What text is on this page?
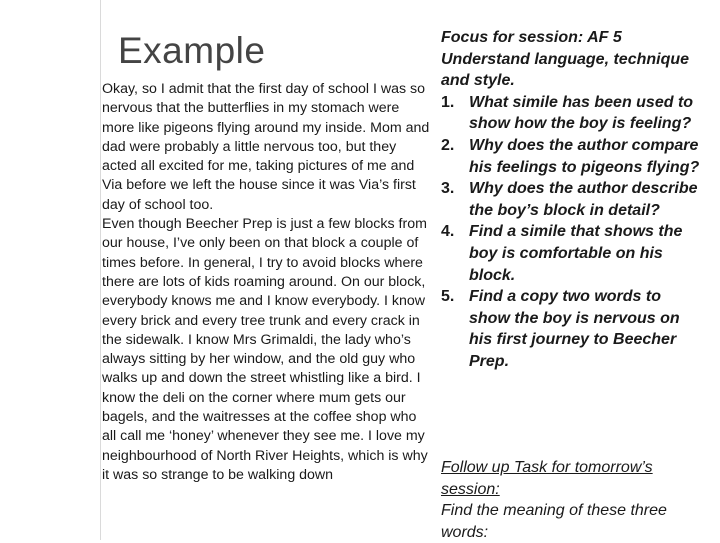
Example

Okay, so I admit that the first day of school I was so nervous that the butterflies in my stomach were more like pigeons flying around my inside. Mom and dad were probably a little nervous too, but they acted all excited for me, taking pictures of me and Via before we left the house since it was Via’s first day of school too.

Even though Beecher Prep is just a few blocks from our house, I’ve only been on that block a couple of times before. In general, I try to avoid blocks where there are lots of kids roaming around. On our block, everybody knows me and I know everybody. I know every brick and every tree trunk and every crack in the sidewalk. I know Mrs Grimaldi, the lady who’s always sitting by her window, and the old guy who walks up and down the street whistling like a bird. I know the deli on the corner where mum gets our bagels, and the waitresses at the coffee shop who all call me ‘honey’ whenever they see me. I love my neighbourhood of North River Heights, which is why it was so strange to be walking down

Focus for session: AF 5
Understand language, technique and style.
1. What simile has been used to show how the boy is feeling?
2. Why does the author compare his feelings to pigeons flying?
3. Why does the author describe the boy’s block in detail?
4. Find a simile that shows the boy is comfortable on his block.
5. Find a copy two words to show the boy is nervous on his first journey to Beecher Prep.
Follow up Task for tomorrow’s session:
Find the meaning of these three words:
